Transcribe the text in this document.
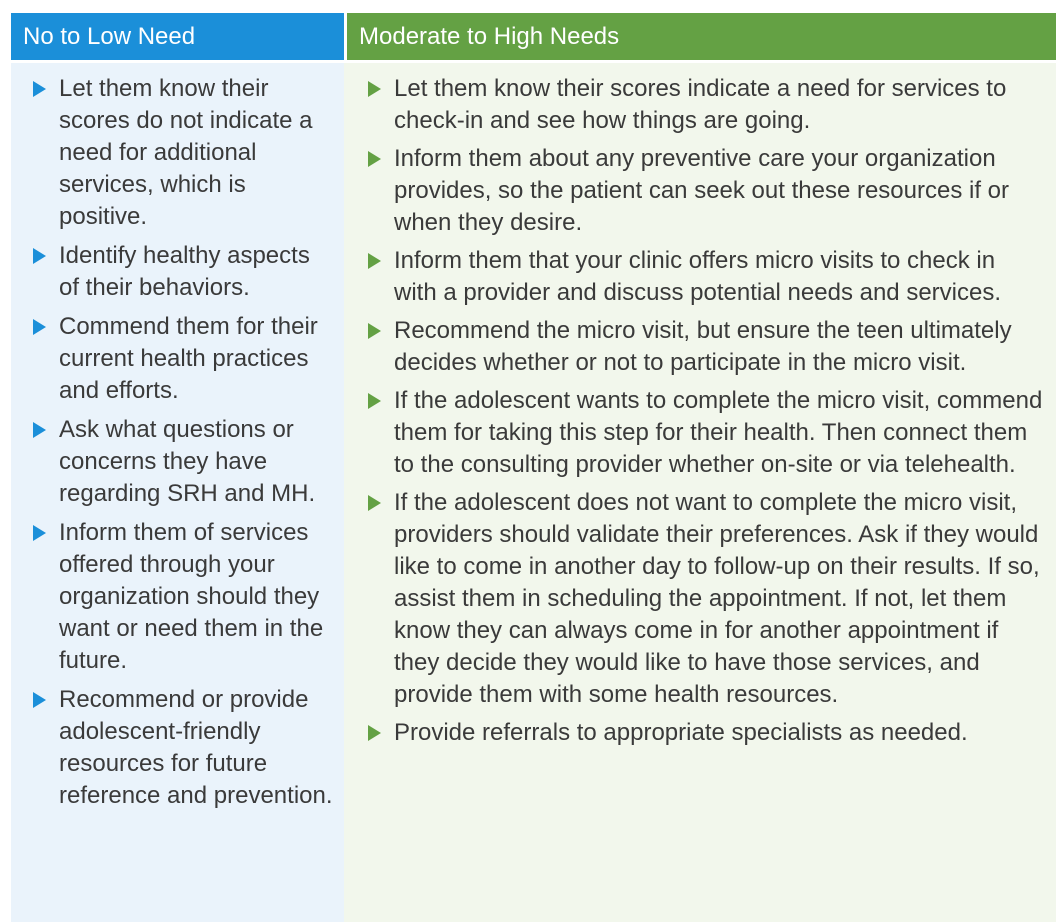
No to Low Need
Let them know their scores do not indicate a need for additional services, which is positive.
Identify healthy aspects of their behaviors.
Commend them for their current health practices and efforts.
Ask what questions or concerns they have regarding SRH and MH.
Inform them of services offered through your organization should they want or need them in the future.
Recommend or provide adolescent-friendly resources for future reference and prevention.
Moderate to High Needs
Let them know their scores indicate a need for services to check-in and see how things are going.
Inform them about any preventive care your organization provides, so the patient can seek out these resources if or when they desire.
Inform them that your clinic offers micro visits to check in with a provider and discuss potential needs and services.
Recommend the micro visit, but ensure the teen ultimately decides whether or not to participate in the micro visit.
If the adolescent wants to complete the micro visit, commend them for taking this step for their health. Then connect them to the consulting provider whether on-site or via telehealth.
If the adolescent does not want to complete the micro visit, providers should validate their preferences. Ask if they would like to come in another day to follow-up on their results. If so, assist them in scheduling the appointment. If not, let them know they can always come in for another appointment if they decide they would like to have those services, and provide them with some health resources.
Provide referrals to appropriate specialists as needed.
